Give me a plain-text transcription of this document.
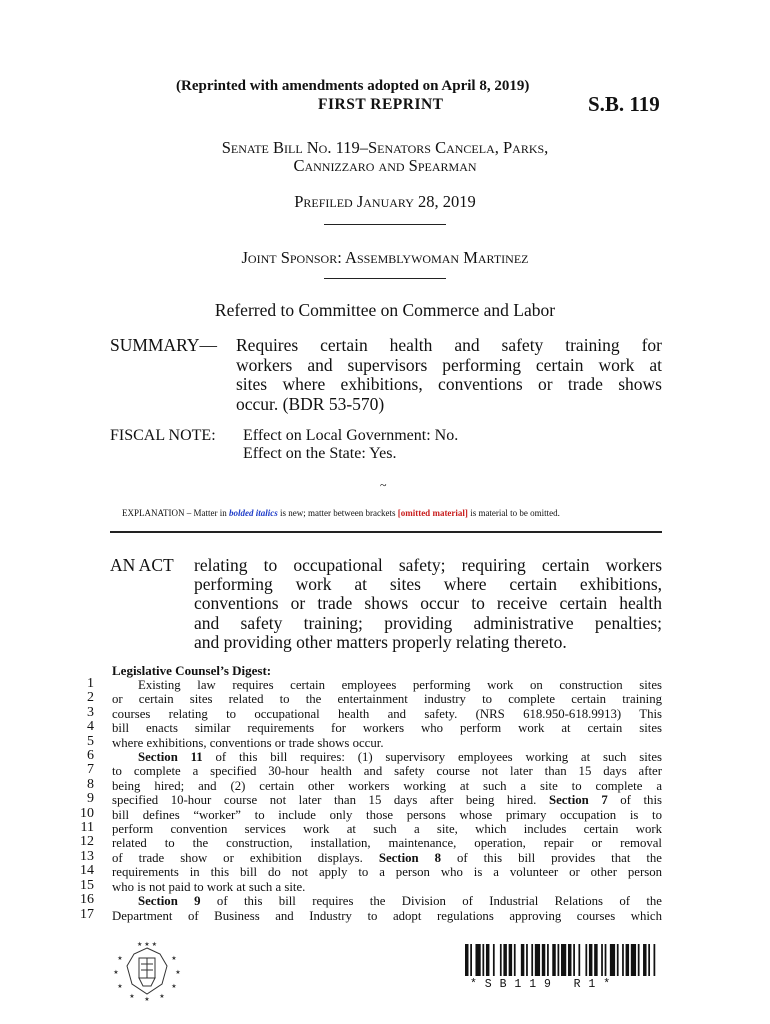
(Reprinted with amendments adopted on April 8, 2019)
FIRST REPRINT	S.B. 119
Senate Bill No. 119–Senators Cancela, Parks,
Cannizzaro and Spearman
Prefiled January 28, 2019
Joint Sponsor: Assemblywoman Martinez
Referred to Committee on Commerce and Labor
SUMMARY— Requires certain health and safety training for
workers and supervisors performing certain work at
sites where exhibitions, conventions or trade shows
occur. (BDR 53-570)
FISCAL NOTE: Effect on Local Government: No.
Effect on the State: Yes.
~
EXPLANATION – Matter in bolded italics is new; matter between brackets [omitted material] is material to be omitted.
AN ACT relating to occupational safety; requiring certain workers
performing work at sites where certain exhibitions,
conventions or trade shows occur to receive certain health
and safety training; providing administrative penalties;
and providing other matters properly relating thereto.
Legislative Counsel’s Digest:
1
2
3
4
5
6
7
8
9
10
11
12
13
14
15
16
17
Existing law requires certain employees performing work on construction sites
or certain sites related to the entertainment industry to complete certain training
courses relating to occupational health and safety. (NRS 618.950-618.9913) This
bill enacts similar requirements for workers who perform work at certain sites
where exhibitions, conventions or trade shows occur.
Section 11 of this bill requires: (1) supervisory employees working at such sites
to complete a specified 30-hour health and safety course not later than 15 days after
being hired; and (2) certain other workers working at such a site to complete a
specified 10-hour course not later than 15 days after being hired. Section 7 of this
bill defines “worker” to include only those persons whose primary occupation is to
perform convention services work at such a site, which includes certain work
related to the construction, installation, maintenance, operation, repair or removal
of trade show or exhibition displays. Section 8 of this bill provides that the
requirements in this bill do not apply to a person who is a volunteer or other person
who is not paid to work at such a site.
Section 9 of this bill requires the Division of Industrial Relations of the
Department of Business and Industry to adopt regulations approving courses which
★ ★ ★
★	★
★	★
★	★
★	★
★
* S B 1 1 9   R 1 *
